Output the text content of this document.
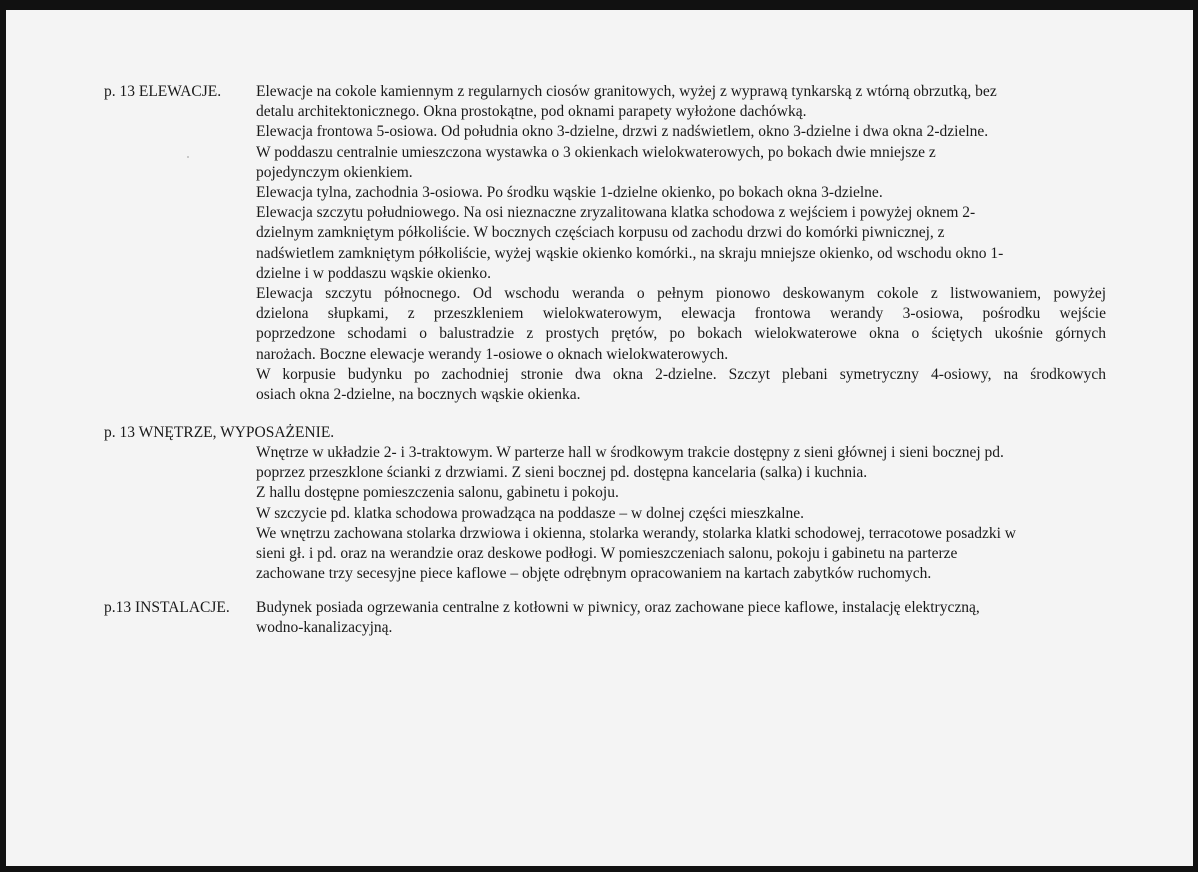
p. 13 ELEWACJE. Elewacje na cokole kamiennym z regularnych ciosów granitowych, wyżej z wyprawą tynkarską z wtórną obrzutką, bez
detalu architektonicznego. Okna prostokątne, pod oknami parapety wyłożone dachówką.
Elewacja frontowa 5-osiowa. Od południa okno 3-dzielne, drzwi z nadświetlem, okno 3-dzielne i dwa okna 2-dzielne.
W poddaszu centralnie umieszczona wystawka o 3 okienkach wielokwaterowych, po bokach dwie mniejsze z
pojedynczym okienkiem.
Elewacja tylna, zachodnia 3-osiowa. Po środku wąskie 1-dzielne okienko, po bokach okna 3-dzielne.
Elewacja szczytu południowego. Na osi nieznaczne zryzalitowana klatka schodowa z wejściem i powyżej oknem 2-
dzielnym zamkniętym półkoliście. W bocznych częściach korpusu od zachodu drzwi do komórki piwnicznej, z
nadświetlem zamkniętym półkoliście, wyżej wąskie okienko komórki., na skraju mniejsze okienko, od wschodu okno 1-
dzielne i w poddaszu wąskie okienko.
Elewacja szczytu północnego. Od wschodu weranda o pełnym pionowo deskowanym cokole z listwowaniem, powyżej
dzielona słupkami, z przeszkleniem wielokwaterowym, elewacja frontowa werandy 3-osiowa, pośrodku wejście
poprzedzone schodami o balustradzie z prostych prętów, po bokach wielokwaterowe okna o ściętych ukośnie górnych
narożach. Boczne elewacje werandy 1-osiowe o oknach wielokwaterowych.
W korpusie budynku po zachodniej stronie dwa okna 2-dzielne. Szczyt plebani symetryczny 4-osiowy, na środkowych
osiach okna 2-dzielne, na bocznych wąskie okienka.
p. 13 WNĘTRZE, WYPOSAŻENIE.
Wnętrze w układzie 2- i 3-traktowym. W parterze hall w środkowym trakcie dostępny z sieni głównej i sieni bocznej pd.
poprzez przeszklone ścianki z drzwiami. Z sieni bocznej pd. dostępna kancelaria (salka) i kuchnia.
Z hallu dostępne pomieszczenia salonu, gabinetu i pokoju.
W szczycie pd. klatka schodowa prowadząca na poddasze – w dolnej części mieszkalne.
We wnętrzu zachowana stolarka drzwiowa i okienna, stolarka werandy, stolarka klatki schodowej, terracotowe posadzki w
sieni gł. i pd. oraz na werandzie oraz deskowe podłogi. W pomieszczeniach salonu, pokoju i gabinetu na parterze
zachowane trzy secesyjne piece kaflowe – objęte odrębnym opracowaniem na kartach zabytków ruchomych.
p.13 INSTALACJE. Budynek posiada ogrzewania centralne z kotłowni w piwnicy, oraz zachowane piece kaflowe, instalację elektryczną,
wodno-kanalizacyjną.
